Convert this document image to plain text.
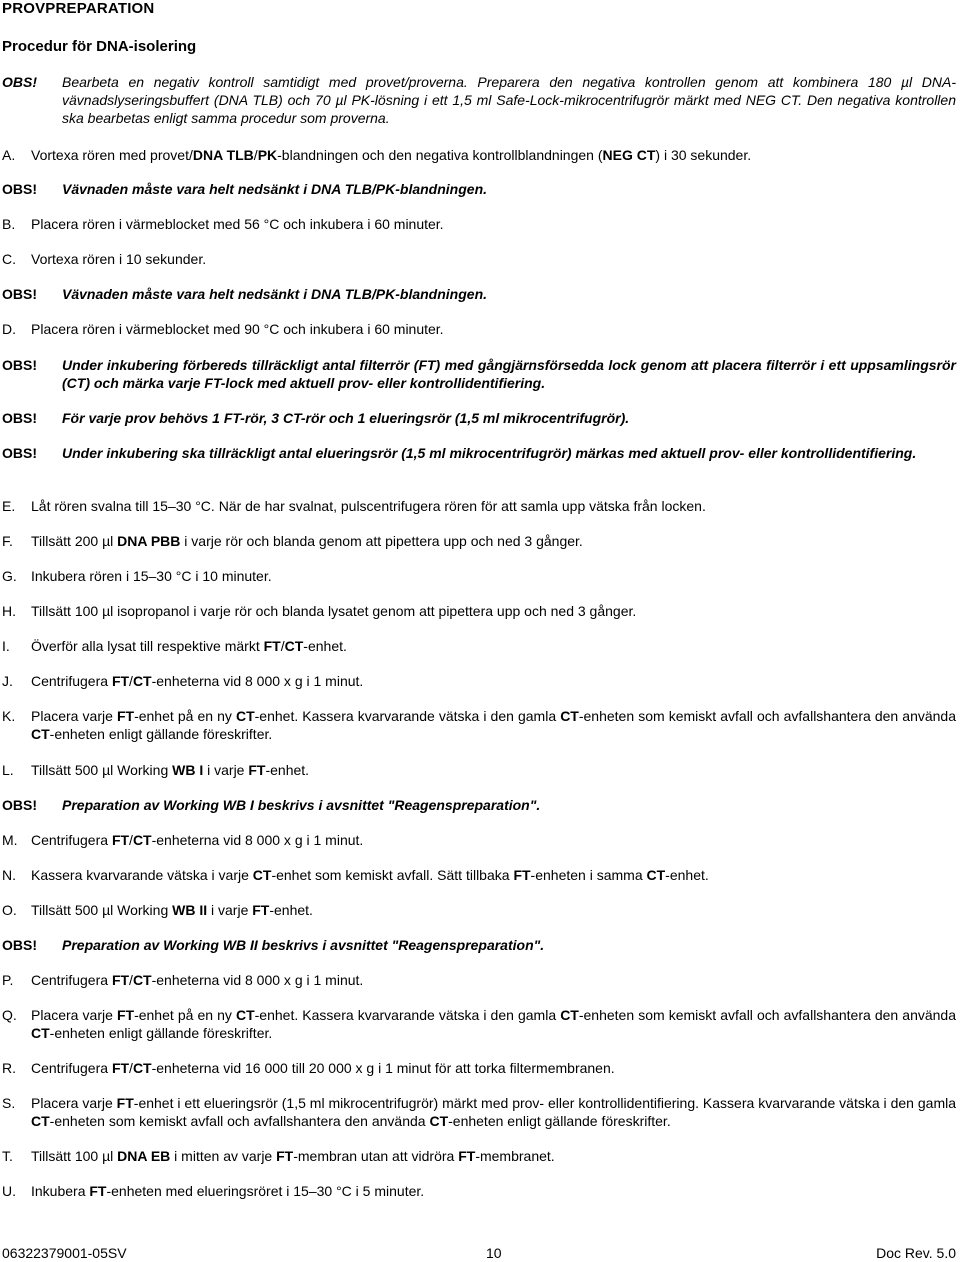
PROVPREPARATION
Procedur för DNA-isolering
OBS! Bearbeta en negativ kontroll samtidigt med provet/proverna. Preparera den negativa kontrollen genom att kombinera 180 µl DNA-vävnadslyseringsbuffert (DNA TLB) och 70 µl PK-lösning i ett 1,5 ml Safe-Lock-mikrocentrifugrör märkt med NEG CT. Den negativa kontrollen ska bearbetas enligt samma procedur som proverna.
A. Vortexa rören med provet/DNA TLB/PK-blandningen och den negativa kontrollblandningen (NEG CT) i 30 sekunder.
OBS! Vävnaden måste vara helt nedsänkt i DNA TLB/PK-blandningen.
B. Placera rören i värmeblocket med 56 °C och inkubera i 60 minuter.
C. Vortexa rören i 10 sekunder.
OBS! Vävnaden måste vara helt nedsänkt i DNA TLB/PK-blandningen.
D. Placera rören i värmeblocket med 90 °C och inkubera i 60 minuter.
OBS! Under inkubering förbereds tillräckligt antal filterrör (FT) med gångjärnsförsedda lock genom att placera filterrör i ett uppsamlingsrör (CT) och märka varje FT-lock med aktuell prov- eller kontrollidentifiering.
OBS! För varje prov behövs 1 FT-rör, 3 CT-rör och 1 elueringsrör (1,5 ml mikrocentrifugrör).
OBS! Under inkubering ska tillräckligt antal elueringsrör (1,5 ml mikrocentrifugrör) märkas med aktuell prov- eller kontrollidentifiering.
E. Låt rören svalna till 15–30 °C. När de har svalnat, pulscentrifugera rören för att samla upp vätska från locken.
F. Tillsätt 200 µl DNA PBB i varje rör och blanda genom att pipettera upp och ned 3 gånger.
G. Inkubera rören i 15–30 °C i 10 minuter.
H. Tillsätt 100 µl isopropanol i varje rör och blanda lysatet genom att pipettera upp och ned 3 gånger.
I. Överför alla lysat till respektive märkt FT/CT-enhet.
J. Centrifugera FT/CT-enheterna vid 8 000 x g i 1 minut.
K. Placera varje FT-enhet på en ny CT-enhet. Kassera kvarvarande vätska i den gamla CT-enheten som kemiskt avfall och avfallshantera den använda CT-enheten enligt gällande föreskrifter.
L. Tillsätt 500 µl Working WB I i varje FT-enhet.
OBS! Preparation av Working WB I beskrivs i avsnittet "Reagenspreparation".
M. Centrifugera FT/CT-enheterna vid 8 000 x g i 1 minut.
N. Kassera kvarvarande vätska i varje CT-enhet som kemiskt avfall. Sätt tillbaka FT-enheten i samma CT-enhet.
O. Tillsätt 500 µl Working WB II i varje FT-enhet.
OBS! Preparation av Working WB II beskrivs i avsnittet "Reagenspreparation".
P. Centrifugera FT/CT-enheterna vid 8 000 x g i 1 minut.
Q. Placera varje FT-enhet på en ny CT-enhet. Kassera kvarvarande vätska i den gamla CT-enheten som kemiskt avfall och avfallshantera den använda CT-enheten enligt gällande föreskrifter.
R. Centrifugera FT/CT-enheterna vid 16 000 till 20 000 x g i 1 minut för att torka filtermembranen.
S. Placera varje FT-enhet i ett elueringsrör (1,5 ml mikrocentrifugrör) märkt med prov- eller kontrollidentifiering. Kassera kvarvarande vätska i den gamla CT-enheten som kemiskt avfall och avfallshantera den använda CT-enheten enligt gällande föreskrifter.
T. Tillsätt 100 µl DNA EB i mitten av varje FT-membran utan att vidröra FT-membranet.
U. Inkubera FT-enheten med elueringsröret i 15–30 °C i 5 minuter.
06322379001-05SV	10	Doc Rev. 5.0
